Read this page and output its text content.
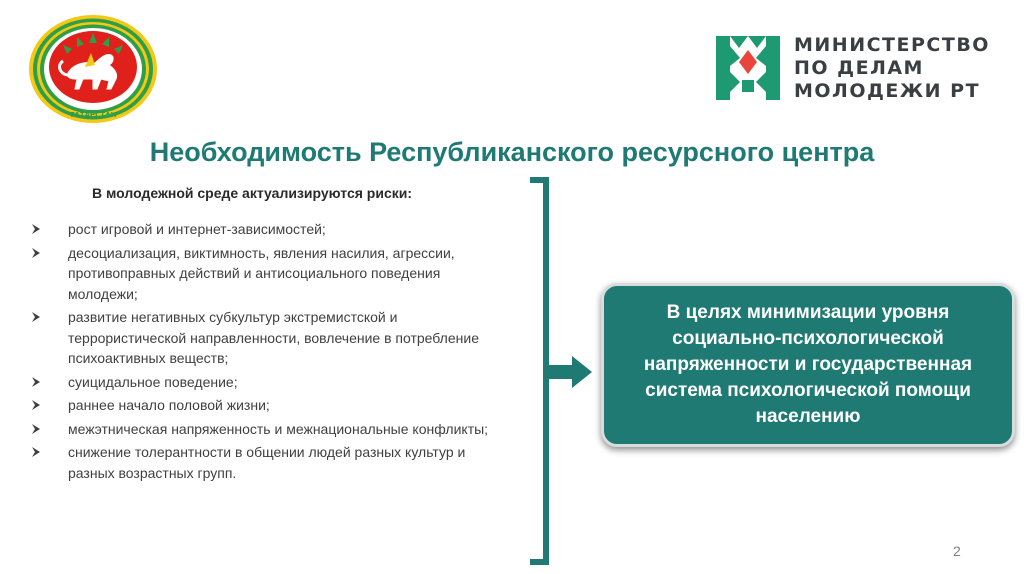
ТАТАРСТАН
МИНИСТЕРСТВО
ПО ДЕЛАМ
МОЛОДЕЖИ РТ
Необходимость Республиканского ресурсного центра
В молодежной среде актуализируются риски:
рост игровой и интернет-зависимостей;
десоциализация, виктимность, явления насилия, агрессии, противоправных действий и антисоциального поведения молодежи;
развитие негативных субкультур экстремистской и террористической направленности, вовлечение в потребление психоактивных веществ;
суицидальное поведение;
раннее начало половой жизни;
межэтническая напряженность и межнациональные конфликты;
снижение толерантности в общении людей разных культур и разных возрастных групп.
В целях минимизации уровня социально-психологической напряженности и государственная система психологической помощи населению
2
